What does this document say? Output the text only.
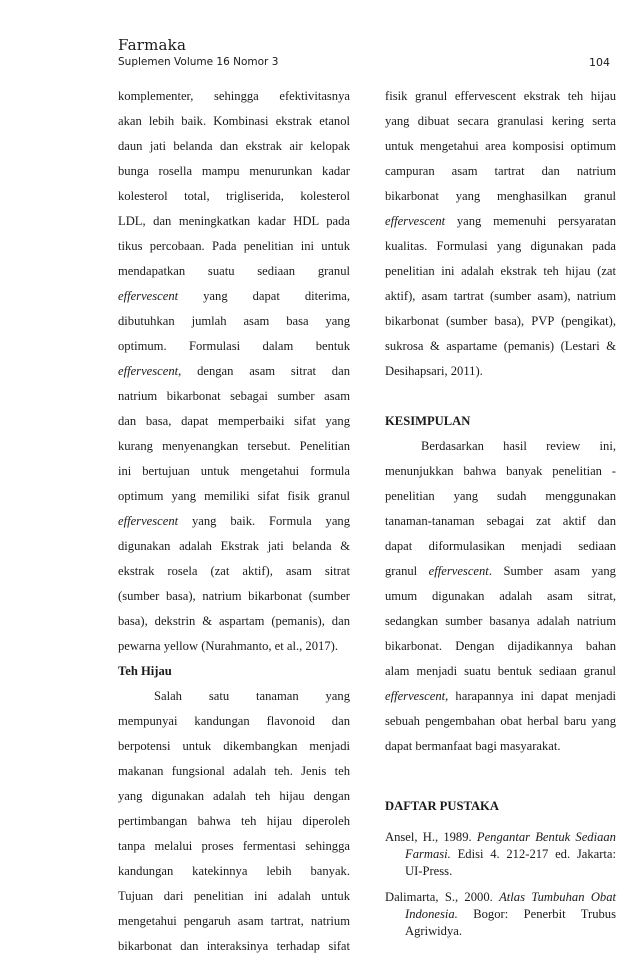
Farmaka
Suplemen Volume 16 Nomor 3	104
komplementer, sehingga efektivitasnya
akan lebih baik. Kombinasi ekstrak etanol
daun jati belanda dan ekstrak air kelopak
bunga rosella mampu menurunkan kadar
kolesterol total, trigliserida, kolesterol
LDL, dan meningkatkan kadar HDL pada
tikus percobaan. Pada penelitian ini untuk
mendapatkan suatu sediaan granul
effervescent yang dapat diterima,
dibutuhkan jumlah asam basa yang
optimum. Formulasi dalam bentuk
effervescent, dengan asam sitrat dan
natrium bikarbonat sebagai sumber asam
dan basa, dapat memperbaiki sifat yang
kurang menyenangkan tersebut. Penelitian
ini bertujuan untuk mengetahui formula
optimum yang memiliki sifat fisik granul
effervescent yang baik. Formula yang
digunakan adalah Ekstrak jati belanda &
ekstrak rosela (zat aktif), asam sitrat
(sumber basa), natrium bikarbonat (sumber
basa), dekstrin & aspartam (pemanis), dan
pewarna yellow (Nurahmanto, et al., 2017).
Teh Hijau
Salah satu tanaman yang
mempunyai kandungan flavonoid dan
berpotensi untuk dikembangkan menjadi
makanan fungsional adalah teh. Jenis teh
yang digunakan adalah teh hijau dengan
pertimbangan bahwa teh hijau diperoleh
tanpa melalui proses fermentasi sehingga
kandungan katekinnya lebih banyak.
Tujuan dari penelitian ini adalah untuk
mengetahui pengaruh asam tartrat, natrium
bikarbonat dan interaksinya terhadap sifat
fisik granul effervescent ekstrak teh hijau
yang dibuat secara granulasi kering serta
untuk mengetahui area komposisi optimum
campuran asam tartrat dan natrium
bikarbonat yang menghasilkan granul
effervescent yang memenuhi persyaratan
kualitas. Formulasi yang digunakan pada
penelitian ini adalah ekstrak teh hijau (zat
aktif), asam tartrat (sumber asam), natrium
bikarbonat (sumber basa), PVP (pengikat),
sukrosa & aspartame (pemanis) (Lestari &
Desihapsari, 2011).
KESIMPULAN
Berdasarkan hasil review ini,
menunjukkan bahwa banyak penelitian -
penelitian yang sudah menggunakan
tanaman-tanaman sebagai zat aktif dan
dapat diformulasikan menjadi sediaan
granul effervescent. Sumber asam yang
umum digunakan adalah asam sitrat,
sedangkan sumber basanya adalah natrium
bikarbonat. Dengan dijadikannya bahan
alam menjadi suatu bentuk sediaan granul
effervescent, harapannya ini dapat menjadi
sebuah pengembahan obat herbal baru yang
dapat bermanfaat bagi masyarakat.
DAFTAR PUSTAKA
Ansel, H., 1989. Pengantar Bentuk Sediaan
Farmasi. Edisi 4. 212-217 ed. Jakarta:
UI-Press.
Dalimarta, S., 2000. Atlas Tumbuhan Obat
Indonesia. Bogor: Penerbit Trubus
Agriwidya.
